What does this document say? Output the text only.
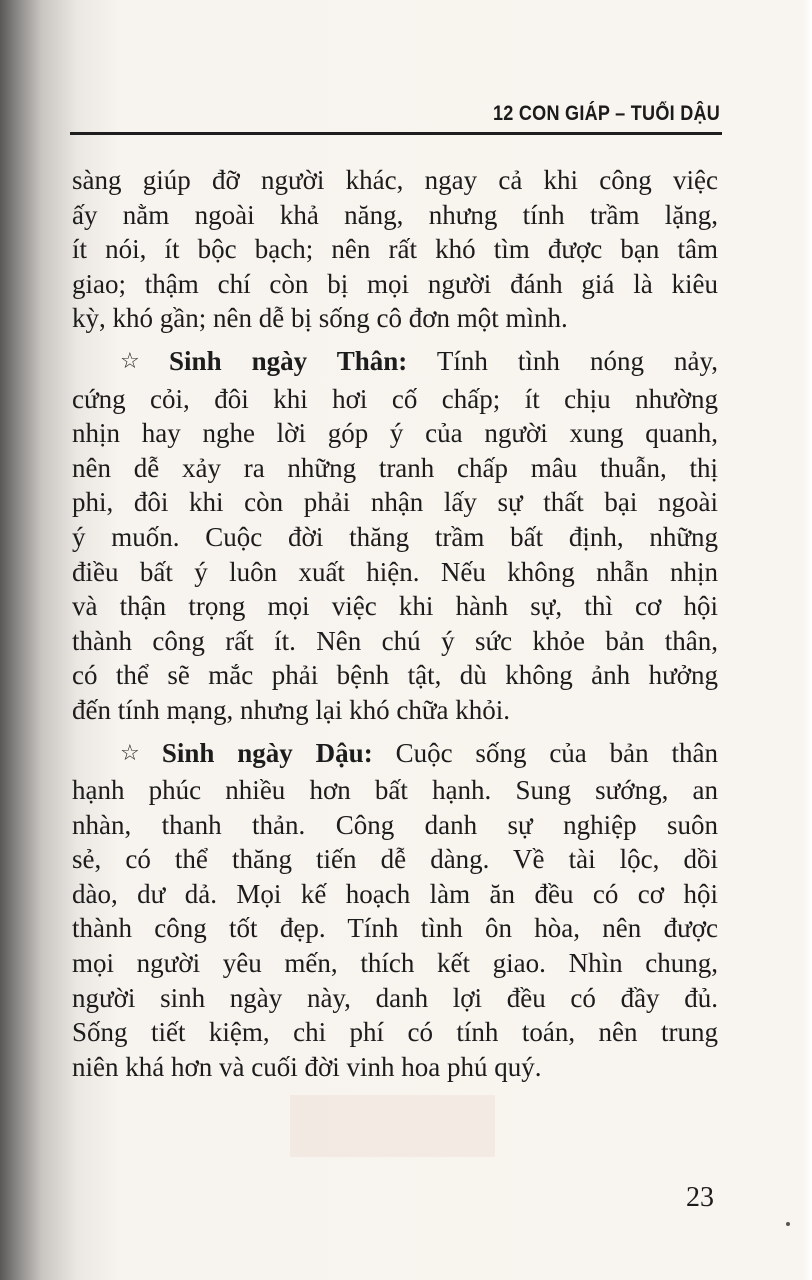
12 CON GIÁP – TUỔI DẬU

sàng giúp đỡ người khác, ngay cả khi công việc
ấy nằm ngoài khả năng, nhưng tính trầm lặng,
ít nói, ít bộc bạch; nên rất khó tìm được bạn tâm
giao; thậm chí còn bị mọi người đánh giá là kiêu
kỳ, khó gần; nên dễ bị sống cô đơn một mình.

☆ Sinh ngày Thân: Tính tình nóng nảy,
cứng cỏi, đôi khi hơi cố chấp; ít chịu nhường
nhịn hay nghe lời góp ý của người xung quanh,
nên dễ xảy ra những tranh chấp mâu thuẫn, thị
phi, đôi khi còn phải nhận lấy sự thất bại ngoài
ý muốn. Cuộc đời thăng trầm bất định, những
điều bất ý luôn xuất hiện. Nếu không nhẫn nhịn
và thận trọng mọi việc khi hành sự, thì cơ hội
thành công rất ít. Nên chú ý sức khỏe bản thân,
có thể sẽ mắc phải bệnh tật, dù không ảnh hưởng
đến tính mạng, nhưng lại khó chữa khỏi.

☆ Sinh ngày Dậu: Cuộc sống của bản thân
hạnh phúc nhiều hơn bất hạnh. Sung sướng, an
nhàn, thanh thản. Công danh sự nghiệp suôn
sẻ, có thể thăng tiến dễ dàng. Về tài lộc, dồi
dào, dư dả. Mọi kế hoạch làm ăn đều có cơ hội
thành công tốt đẹp. Tính tình ôn hòa, nên được
mọi người yêu mến, thích kết giao. Nhìn chung,
người sinh ngày này, danh lợi đều có đầy đủ.
Sống tiết kiệm, chi phí có tính toán, nên trung
niên khá hơn và cuối đời vinh hoa phú quý.

23
